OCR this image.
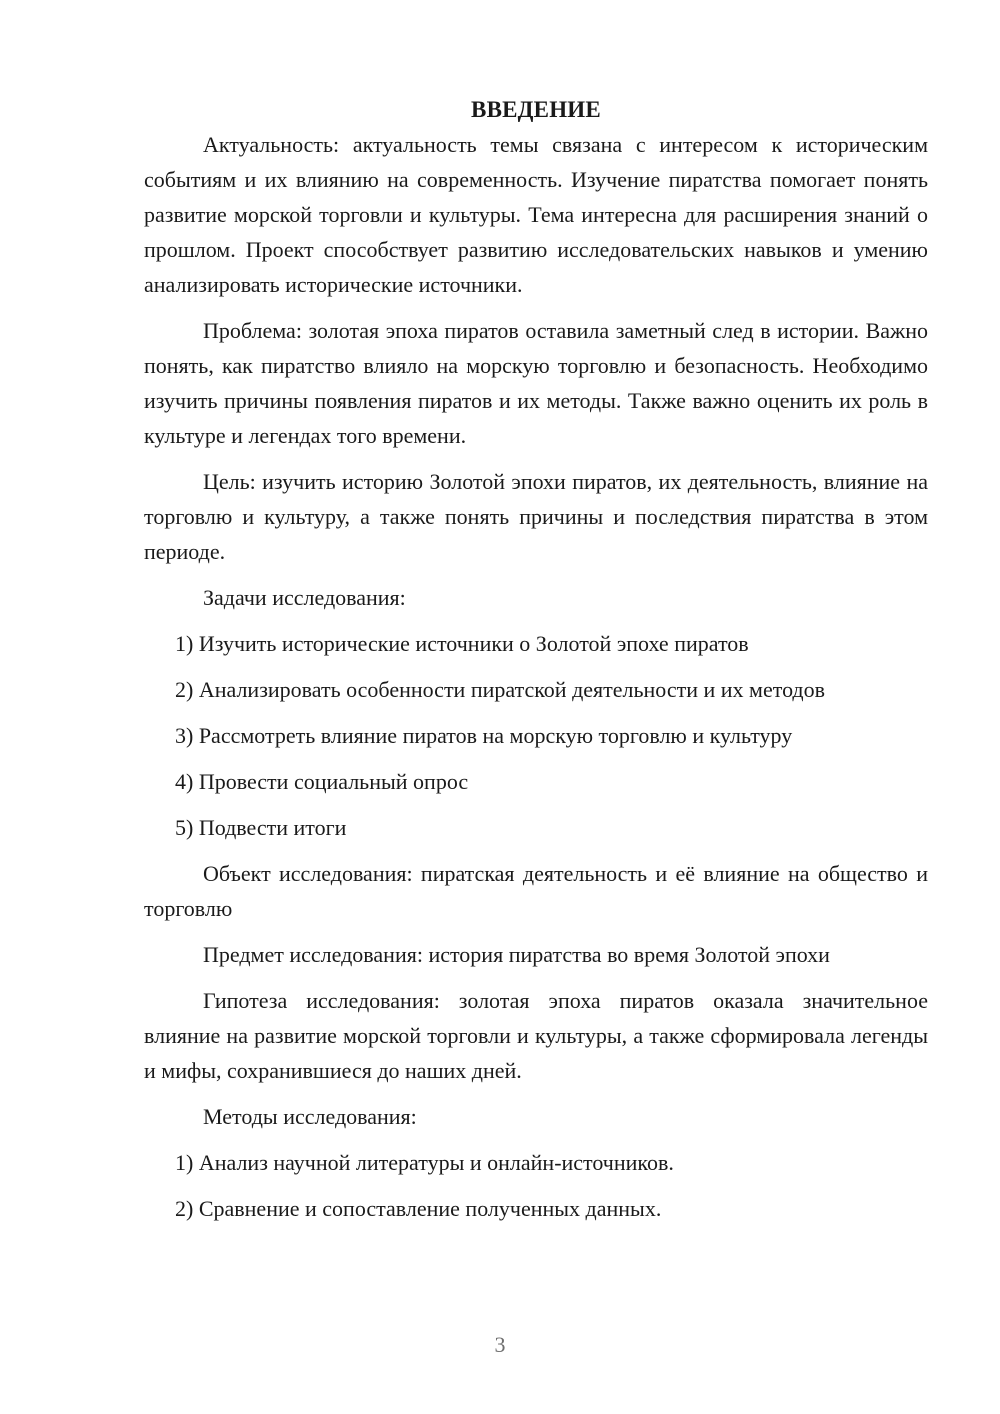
ВВЕДЕНИЕ

Актуальность: актуальность темы связана с интересом к историческим событиям и их влиянию на современность. Изучение пиратства помогает понять развитие морской торговли и культуры. Тема интересна для расширения знаний о прошлом. Проект способствует развитию исследовательских навыков и умению анализировать исторические источники.

Проблема: золотая эпоха пиратов оставила заметный след в истории. Важно понять, как пиратство влияло на морскую торговлю и безопасность. Необходимо изучить причины появления пиратов и их методы. Также важно оценить их роль в культуре и легендах того времени.

Цель: изучить историю Золотой эпохи пиратов, их деятельность, влияние на торговлю и культуру, а также понять причины и последствия пиратства в этом периоде.

Задачи исследования:

1) Изучить исторические источники о Золотой эпохе пиратов
2) Анализировать особенности пиратской деятельности и их методов
3) Рассмотреть влияние пиратов на морскую торговлю и культуру
4) Провести социальный опрос
5) Подвести итоги

Объект исследования: пиратская деятельность и её влияние на общество и торговлю

Предмет исследования: история пиратства во время Золотой эпохи

Гипотеза исследования: золотая эпоха пиратов оказала значительное влияние на развитие морской торговли и культуры, а также сформировала легенды и мифы, сохранившиеся до наших дней.

Методы исследования:

1) Анализ научной литературы и онлайн-источников.
2) Сравнение и сопоставление полученных данных.
3
